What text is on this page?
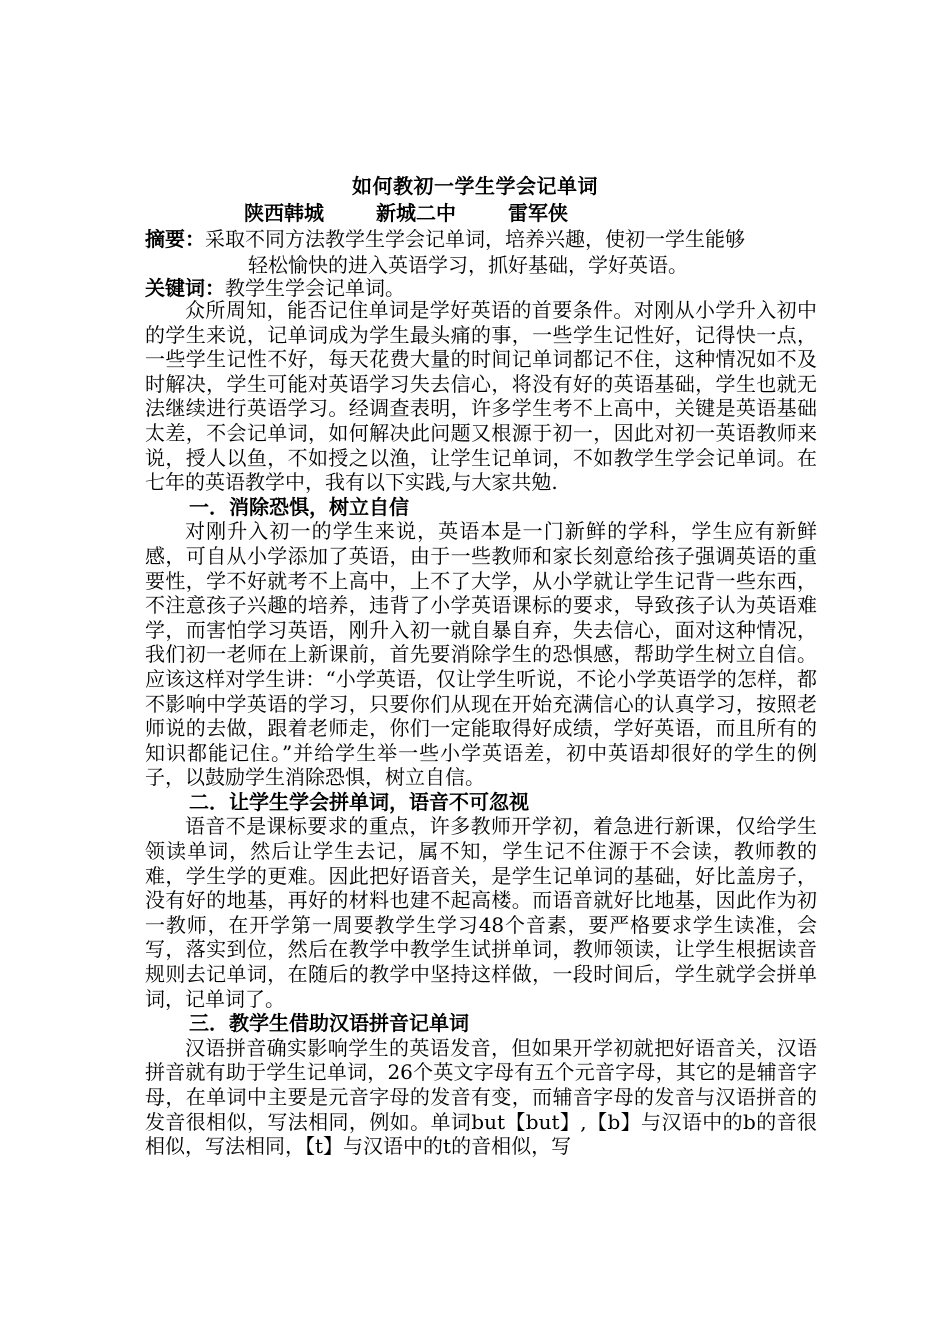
如何教初一学生学会记单词
陕西韩城	新城二中	雷军侠
摘要：采取不同方法教学生学会记单词，培养兴趣，使初一学生能够
轻松愉快的进入英语学习，抓好基础，学好英语。
关键词：教学生学会记单词。

众所周知，能否记住单词是学好英语的首要条件。对刚从小学升入初中的学生来说，记单词成为学生最头痛的事，一些学生记性好，记得快一点，一些学生记性不好，每天花费大量的时间记单词都记不住，这种情况如不及时解决，学生可能对英语学习失去信心，将没有好的英语基础，学生也就无法继续进行英语学习。经调查表明，许多学生考不上高中，关键是英语基础太差，不会记单词，如何解决此问题又根源于初一，因此对初一英语教师来说，授人以鱼，不如授之以渔，让学生记单词，不如教学生学会记单词。在七年的英语教学中，我有以下实践,与大家共勉.

一．消除恐惧，树立自信

对刚升入初一的学生来说，英语本是一门新鲜的学科，学生应有新鲜感，可自从小学添加了英语，由于一些教师和家长刻意给孩子强调英语的重要性，学不好就考不上高中，上不了大学，从小学就让学生记背一些东西，不注意孩子兴趣的培养，违背了小学英语课标的要求，导致孩子认为英语难学，而害怕学习英语，刚升入初一就自暴自弃，失去信心，面对这种情况，我们初一老师在上新课前，首先要消除学生的恐惧感，帮助学生树立自信。应该这样对学生讲：“小学英语，仅让学生听说，不论小学英语学的怎样，都不影响中学英语的学习，只要你们从现在开始充满信心的认真学习，按照老师说的去做，跟着老师走，你们一定能取得好成绩，学好英语，而且所有的知识都能记住。”并给学生举一些小学英语差，初中英语却很好的学生的例子，以鼓励学生消除恐惧，树立自信。

二．让学生学会拼单词，语音不可忽视

语音不是课标要求的重点，许多教师开学初，着急进行新课，仅给学生领读单词，然后让学生去记，属不知，学生记不住源于不会读，教师教的难，学生学的更难。因此把好语音关，是学生记单词的基础，好比盖房子，没有好的地基，再好的材料也建不起高楼。而语音就好比地基，因此作为初一教师，在开学第一周要教学生学习48个音素，要严格要求学生读准，会写，落实到位，然后在教学中教学生试拼单词，教师领读，让学生根据读音规则去记单词，在随后的教学中坚持这样做，一段时间后，学生就学会拼单词，记单词了。

三．教学生借助汉语拼音记单词

汉语拼音确实影响学生的英语发音，但如果开学初就把好语音关，汉语拼音就有助于学生记单词，26个英文字母有五个元音字母，其它的是辅音字母，在单词中主要是元音字母的发音有变，而辅音字母的发音与汉语拼音的发音很相似，写法相同，例如。单词but【but】,【b】与汉语中的b的音很相似，写法相同，【t】与汉语中的t的音相似，写
